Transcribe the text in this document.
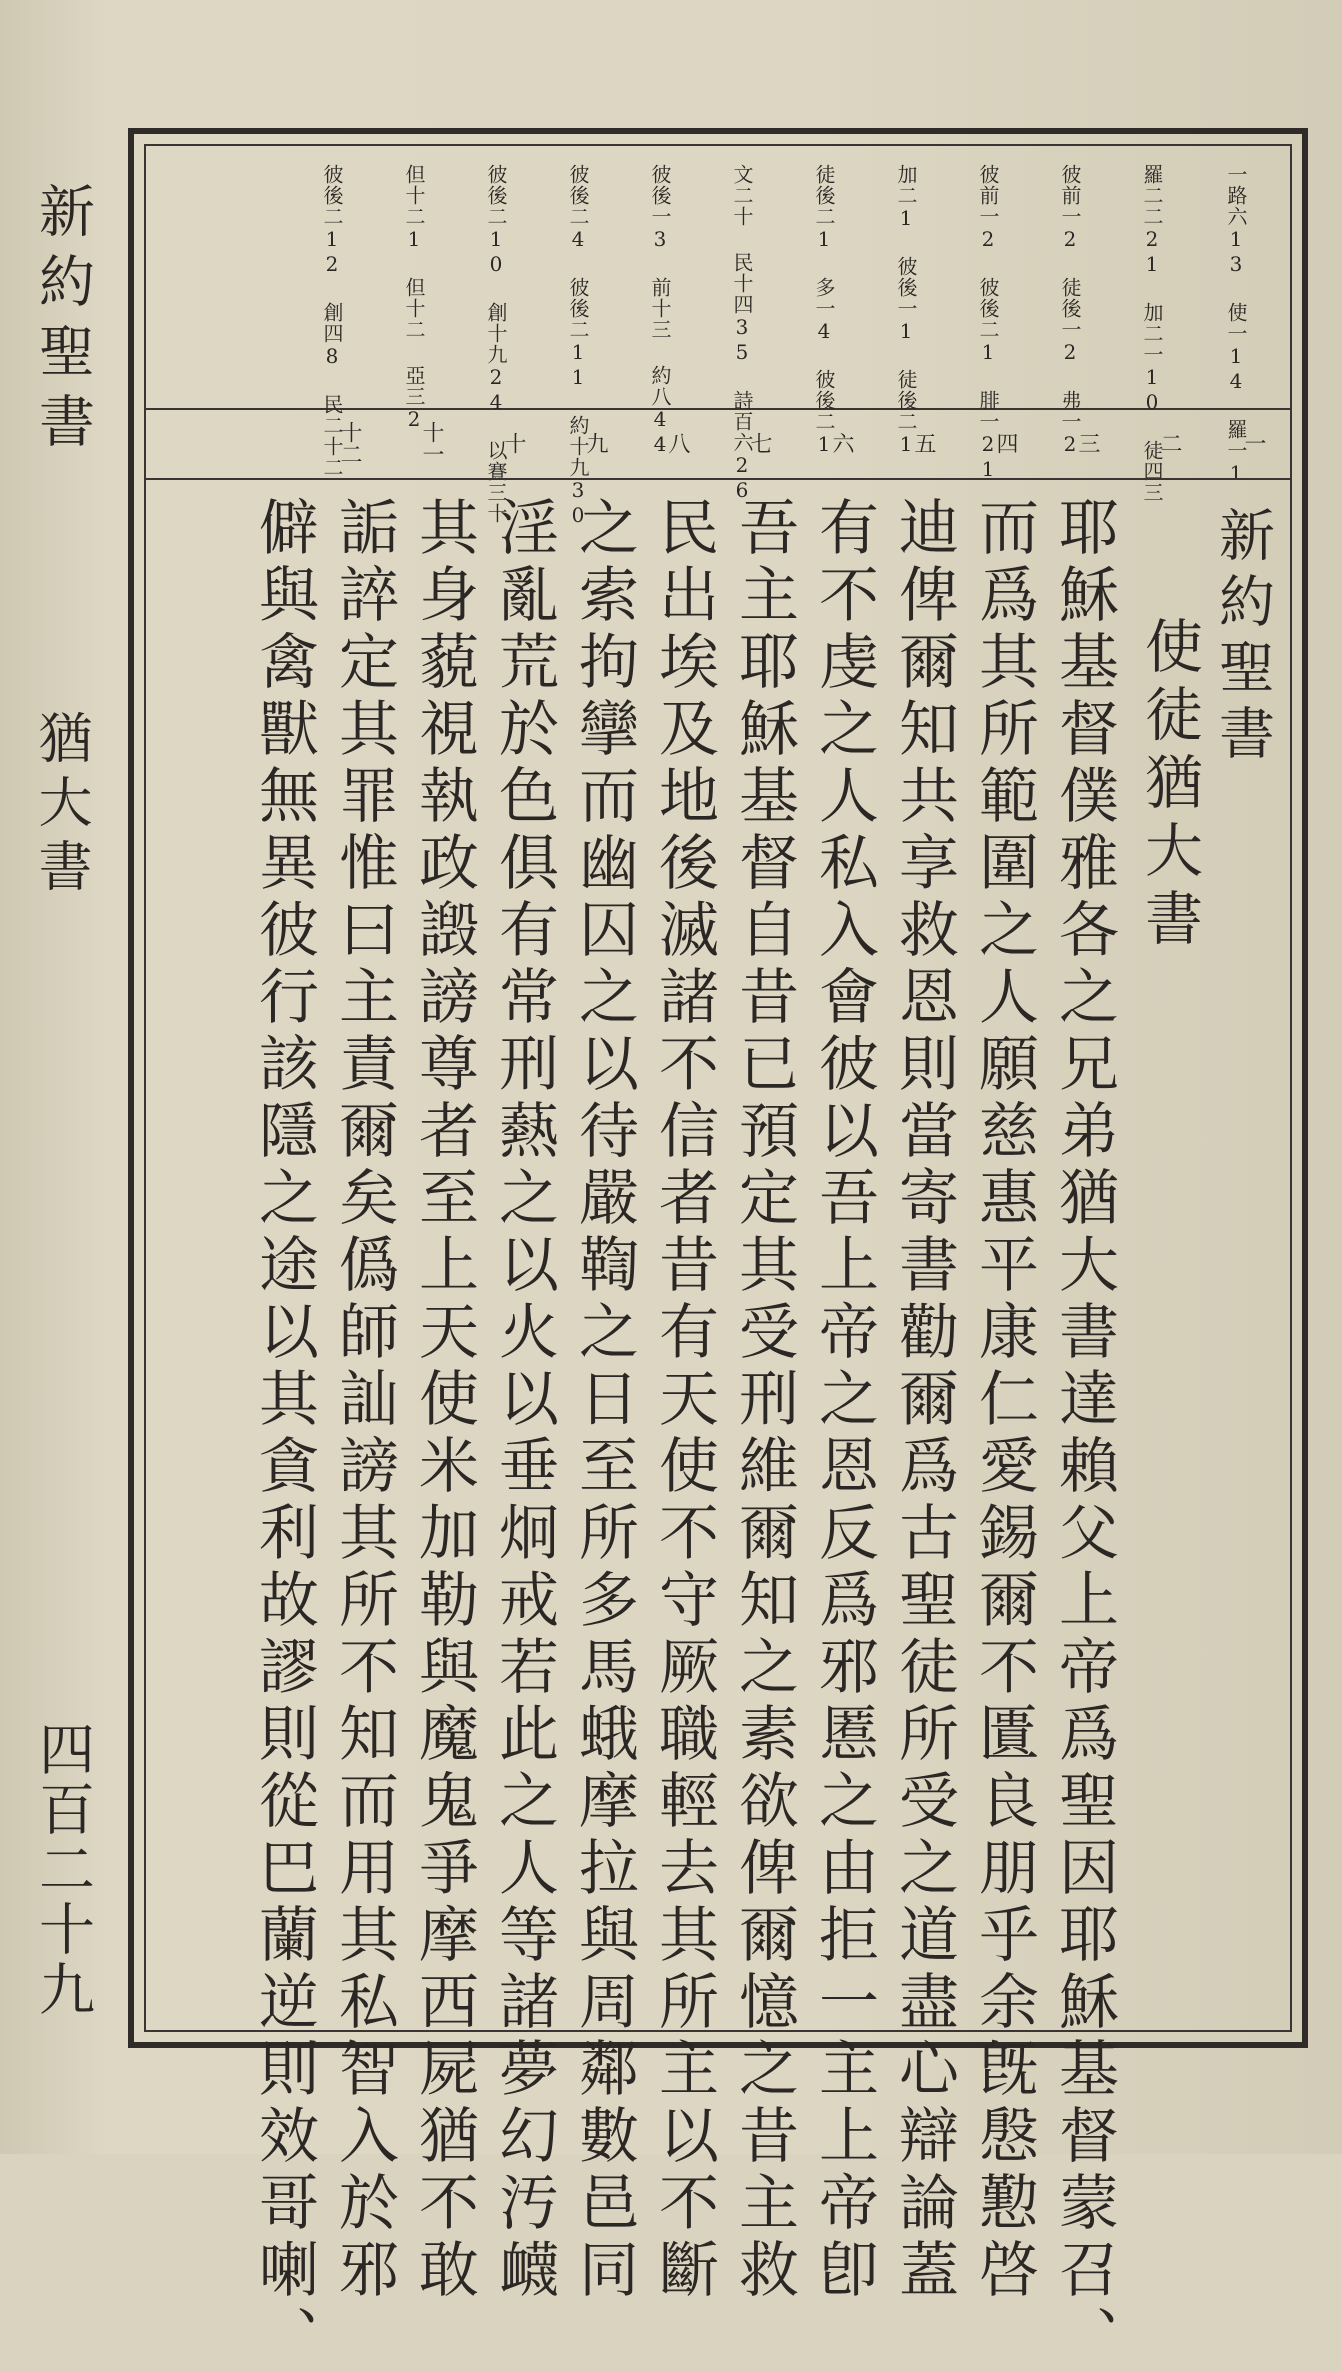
新約聖書
猶大書
四百二十九
一路六13 使一14 羅一1
羅二二21 加二一10 徒四三
彼前一2 徒後一2 弗一2
彼前一2 彼後二1 腓一21
加二1 彼後一1 徒後二1
徒後二1 多一4 彼後二1
文二十 民十四35 詩百六26
彼後一3 前十三 約八44
彼後二4 彼後二11 約十九30
彼後二10 創十九24 以賽三十
但十二1 但十二 亞三2
彼後二12 創四8 民二十二	一
二
三
四
五
六
七
八
九
十
十一
十二
新約聖書
使徒猶大書
耶穌基督僕雅各之兄弟猶大書達賴父上帝爲聖因耶穌基督蒙召、
而爲其所範圍之人願慈惠平康仁愛錫爾不匱良朋乎余旣慇懃啓
迪俾爾知共享救恩則當寄書勸爾爲古聖徒所受之道盡心辯論蓋
有不虔之人私入會彼以吾上帝之恩反爲邪慝之由拒一主上帝卽
吾主耶穌基督自昔已預定其受刑維爾知之素欲俾爾憶之昔主救
民出埃及地後滅諸不信者昔有天使不守厥職輕去其所主以不斷
之索拘攣而幽囚之以待嚴鞫之日至所多馬蛾摩拉與周鄰數邑同
淫亂荒於色俱有常刑爇之以火以垂炯戒若此之人等諸夢幻汚衊
其身藐視執政譭謗尊者至上天使米加勒與魔鬼爭摩西屍猶不敢
詬誶定其罪惟曰主責爾矣僞師訕謗其所不知而用其私智入於邪
僻與禽獸無異彼行該隱之途以其貪利故謬則從巴蘭逆則效哥喇、
